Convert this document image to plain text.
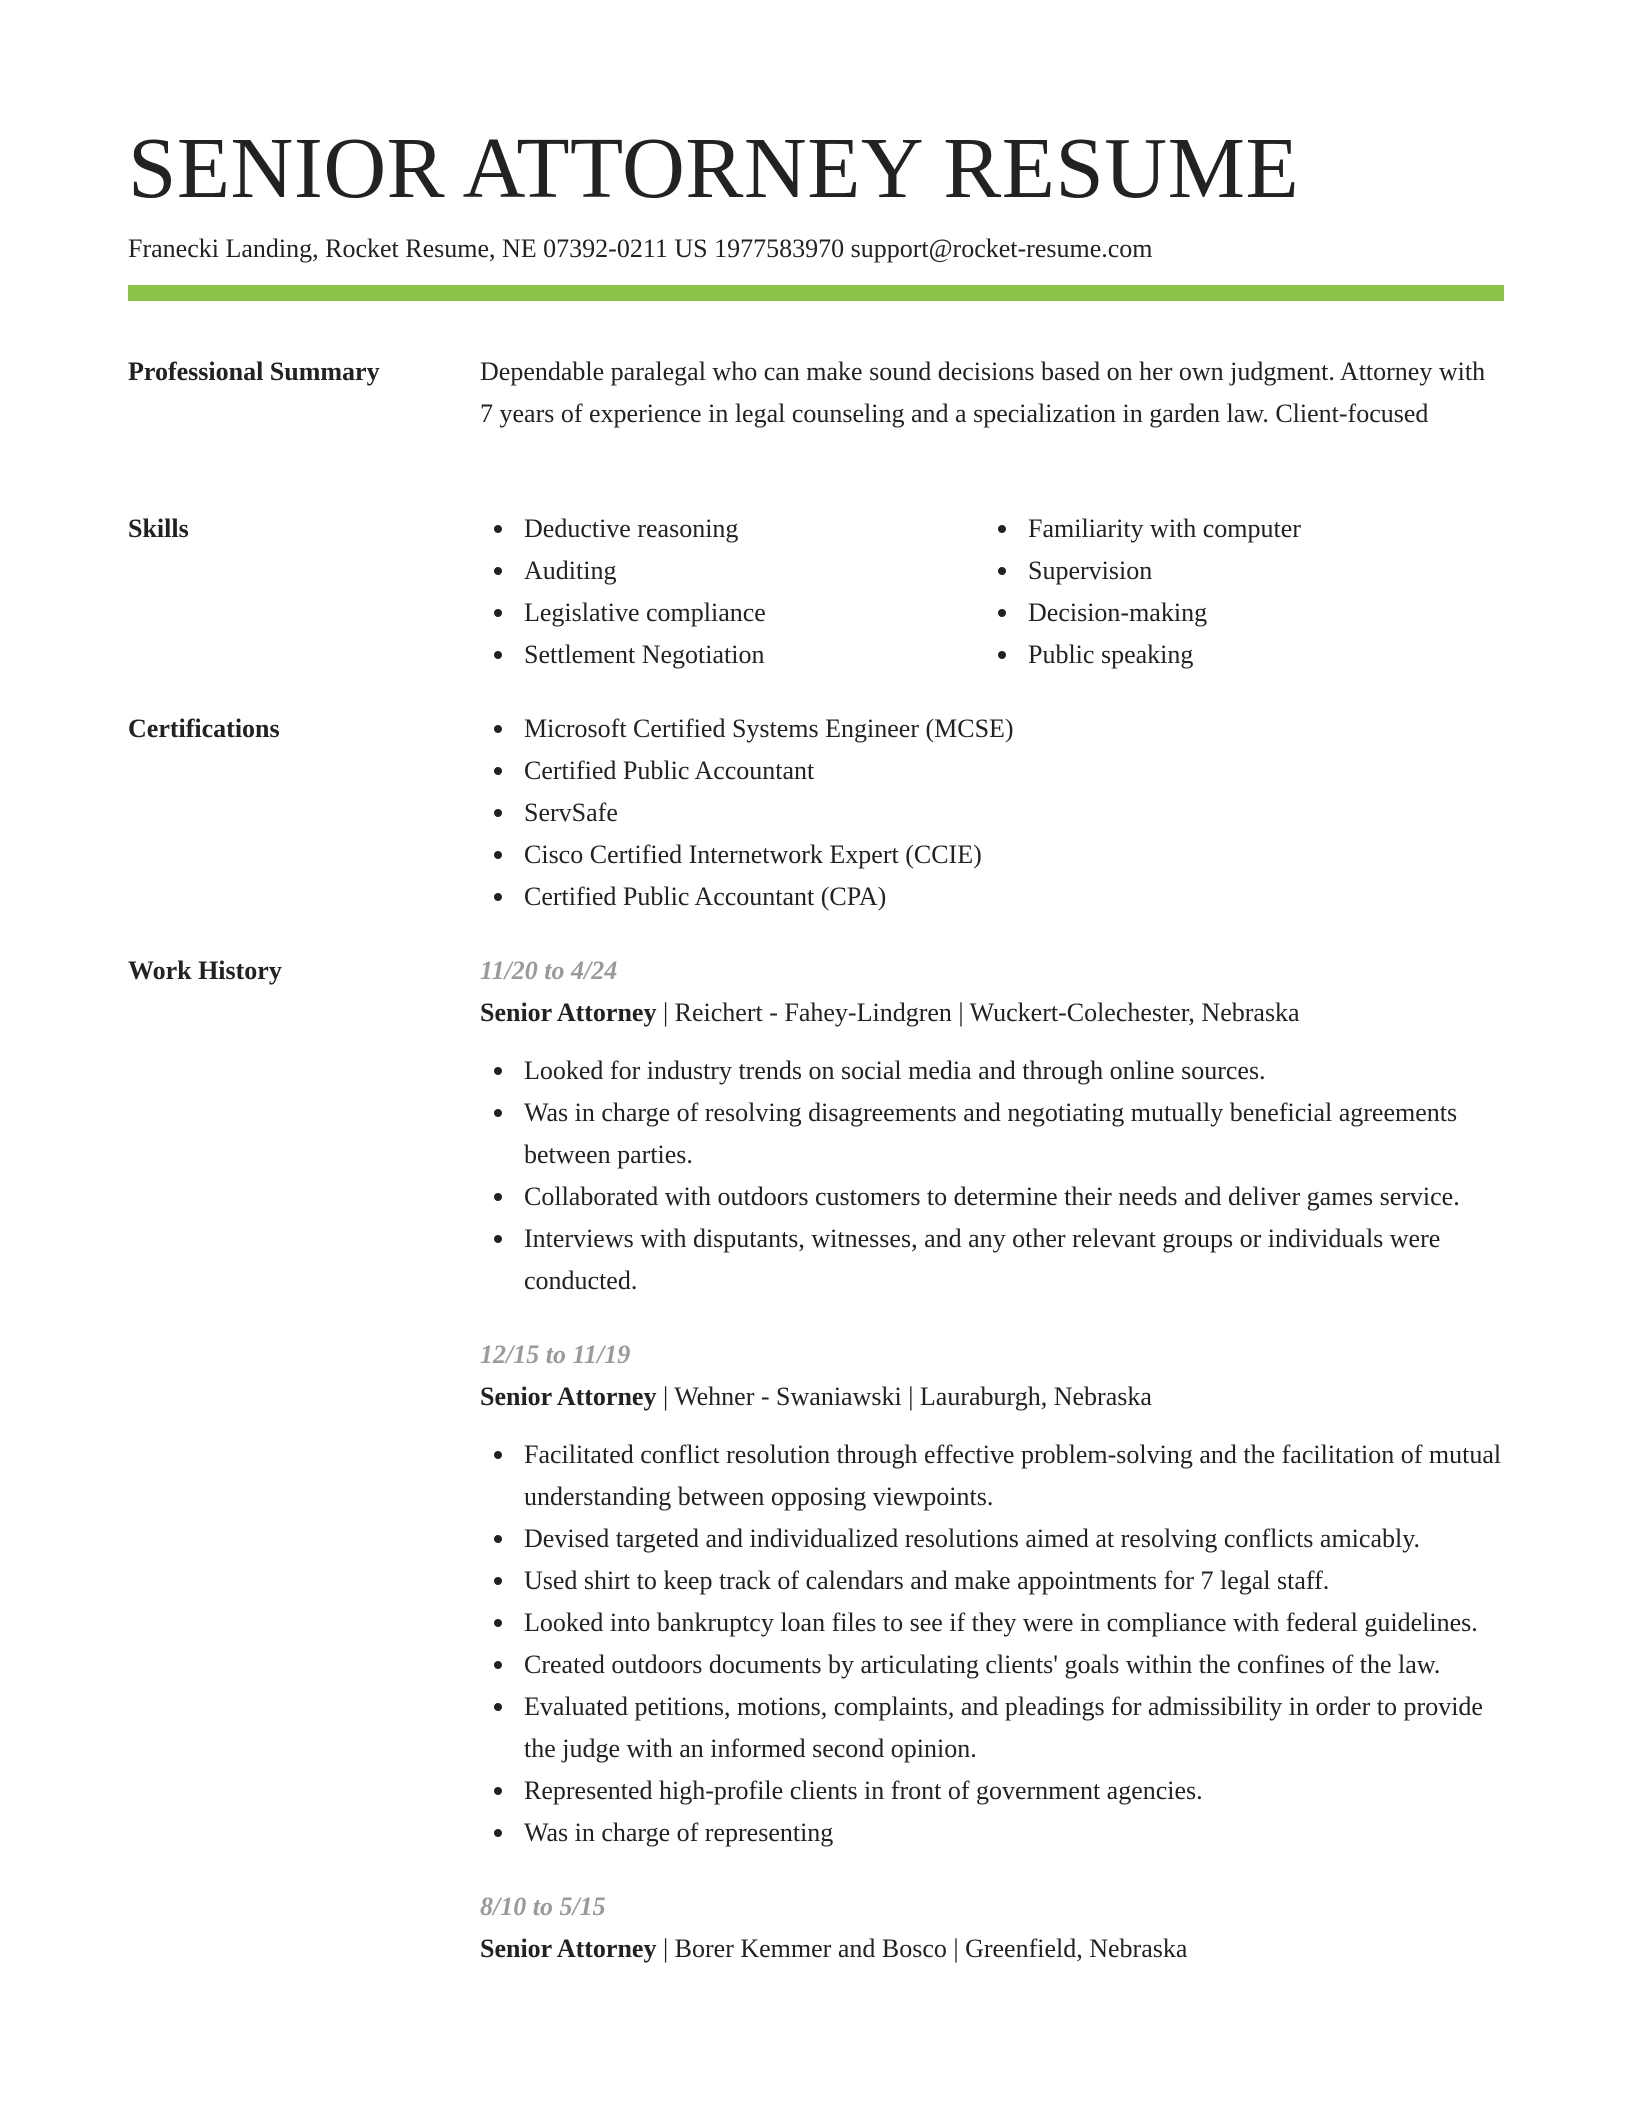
SENIOR ATTORNEY RESUME
Franecki Landing, Rocket Resume, NE 07392-0211 US 1977583970 support@rocket-resume.com
Professional Summary	Dependable paralegal who can make sound decisions based on her own judgment. Attorney with 7 years of experience in legal counseling and a specialization in garden law. Client-focused
Skills	Deductive reasoning
Auditing
Legislative compliance
Settlement Negotiation
Familiarity with computer
Supervision
Decision-making
Public speaking
Certifications	Microsoft Certified Systems Engineer (MCSE)
Certified Public Accountant
ServSafe
Cisco Certified Internetwork Expert (CCIE)
Certified Public Accountant (CPA)
Work History	11/20 to 4/24
Senior Attorney | Reichert - Fahey-Lindgren | Wuckert-Colechester, Nebraska
Looked for industry trends on social media and through online sources.
Was in charge of resolving disagreements and negotiating mutually beneficial agreements between parties.
Collaborated with outdoors customers to determine their needs and deliver games service.
Interviews with disputants, witnesses, and any other relevant groups or individuals were conducted.
12/15 to 11/19
Senior Attorney | Wehner - Swaniawski | Lauraburgh, Nebraska
Facilitated conflict resolution through effective problem-solving and the facilitation of mutual understanding between opposing viewpoints.
Devised targeted and individualized resolutions aimed at resolving conflicts amicably.
Used shirt to keep track of calendars and make appointments for 7 legal staff.
Looked into bankruptcy loan files to see if they were in compliance with federal guidelines.
Created outdoors documents by articulating clients' goals within the confines of the law.
Evaluated petitions, motions, complaints, and pleadings for admissibility in order to provide the judge with an informed second opinion.
Represented high-profile clients in front of government agencies.
Was in charge of representing
8/10 to 5/15
Senior Attorney | Borer Kemmer and Bosco | Greenfield, Nebraska
